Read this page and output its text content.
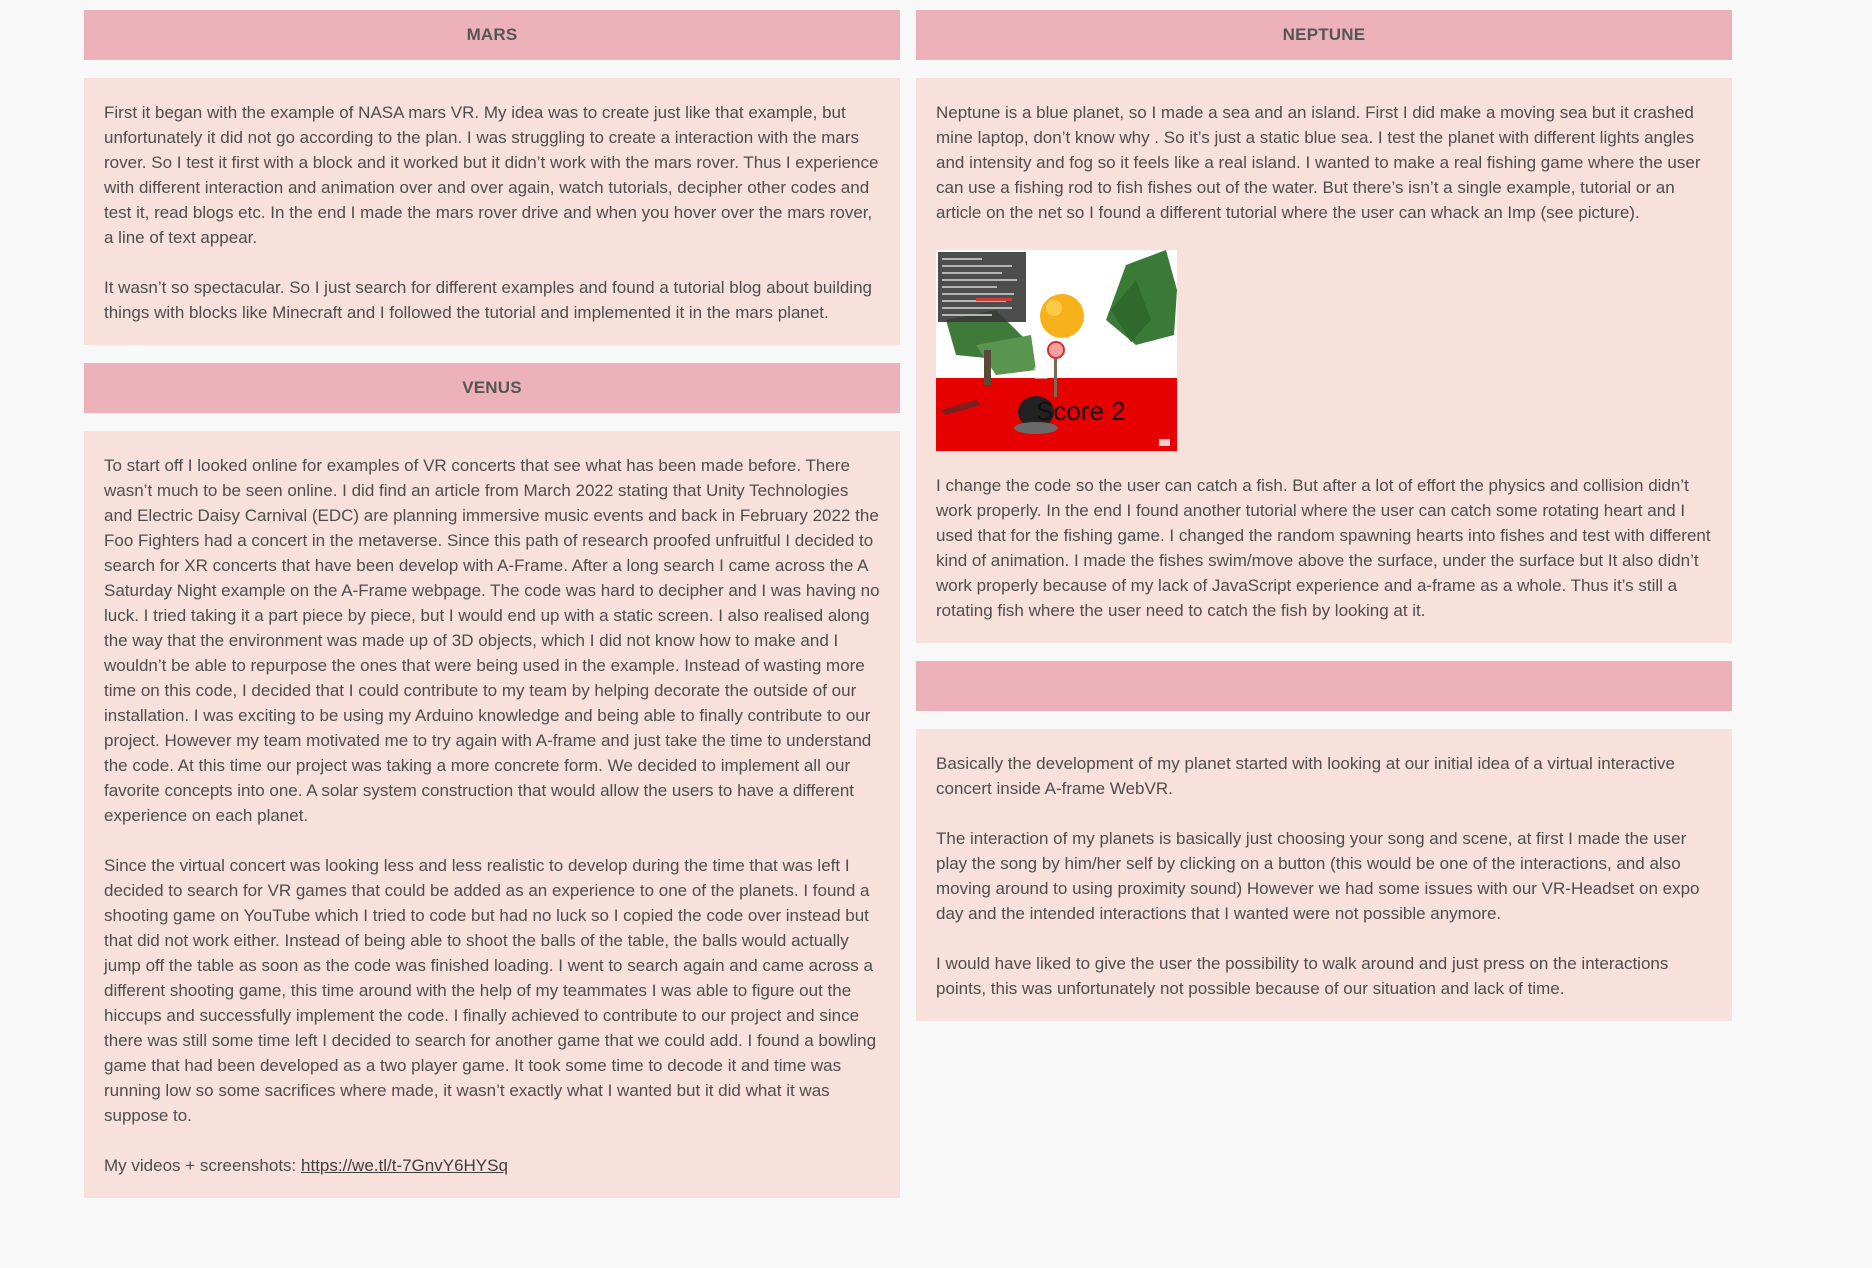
MARS

First it began with the example of NASA mars VR. My idea was to create just like that example, but unfortunately it did not go according to the plan. I was struggling to create a interaction with the mars rover. So I test it first with a block and it worked but it didn’t work with the mars rover. Thus I experience with different interaction and animation over and over again, watch tutorials, decipher other codes and test it, read blogs etc. In the end I made the mars rover drive and when you hover over the mars rover, a line of text appear.

It wasn’t so spectacular. So I just search for different examples and found a tutorial blog about building things with blocks like Minecraft and I followed the tutorial and implemented it in the mars planet.

VENUS

To start off I looked online for examples of VR concerts that see what has been made before. There wasn’t much to be seen online. I did find an article from March 2022 stating that Unity Technologies and Electric Daisy Carnival (EDC) are planning immersive music events and back in February 2022 the Foo Fighters had a concert in the metaverse. Since this path of research proofed unfruitful I decided to search for XR concerts that have been develop with A-Frame. After a long search I came across the A Saturday Night example on the A-Frame webpage. The code was hard to decipher and I was having no luck. I tried taking it a part piece by piece, but I would end up with a static screen. I also realised along the way that the environment was made up of 3D objects, which I did not know how to make and I wouldn’t be able to repurpose the ones that were being used in the example. Instead of wasting more time on this code, I decided that I could contribute to my team by helping decorate the outside of our installation. I was exciting to be using my Arduino knowledge and being able to finally contribute to our project. However my team motivated me to try again with A-frame and just take the time to understand the code. At this time our project was taking a more concrete form. We decided to implement all our favorite concepts into one. A solar system construction that would allow the users to have a different experience on each planet.

Since the virtual concert was looking less and less realistic to develop during the time that was left I decided to search for VR games that could be added as an experience to one of the planets. I found a shooting game on YouTube which I tried to code but had no luck so I copied the code over instead but that did not work either. Instead of being able to shoot the balls of the table, the balls would actually jump off the table as soon as the code was finished loading. I went to search again and came across a different shooting game, this time around with the help of my teammates I was able to figure out the hiccups and successfully implement the code. I finally achieved to contribute to our project and since there was still some time left I decided to search for another game that we could add. I found a bowling game that had been developed as a two player game. It took some time to decode it and time was running low so some sacrifices where made, it wasn’t exactly what I wanted but it did what it was suppose to.

My videos + screenshots: https://we.tl/t-7GnvY6HYSq

NEPTUNE

Neptune is a blue planet, so I made a sea and an island. First I did make a moving sea but it crashed mine laptop, don’t know why . So it’s just a static blue sea. I test the planet with different lights angles and intensity and fog so it feels like a real island. I wanted to make a real fishing game where the user can use a fishing rod to fish fishes out of the water. But there’s isn’t a single example, tutorial or an article on the net so I found a different tutorial where the user can whack an Imp (see picture).

Score 2

I change the code so the user can catch a fish. But after a lot of effort the physics and collision didn’t work properly. In the end I found another tutorial where the user can catch some rotating heart and I used that for the fishing game. I changed the random spawning hearts into fishes and test with different kind of animation. I made the fishes swim/move above the surface, under the surface but It also didn’t work properly because of my lack of JavaScript experience and a-frame as a whole. Thus it’s still a rotating fish where the user need to catch the fish by looking at it.

Basically the development of my planet started with looking at our initial idea of a virtual interactive concert inside A-frame WebVR.

The interaction of my planets is basically just choosing your song and scene, at first I made the user play the song by him/her self by clicking on a button (this would be one of the interactions, and also moving around to using proximity sound) However we had some issues with our VR-Headset on expo day and the intended interactions that I wanted were not possible anymore.

I would have liked to give the user the possibility to walk around and just press on the interactions points, this was unfortunately not possible because of our situation and lack of time.
